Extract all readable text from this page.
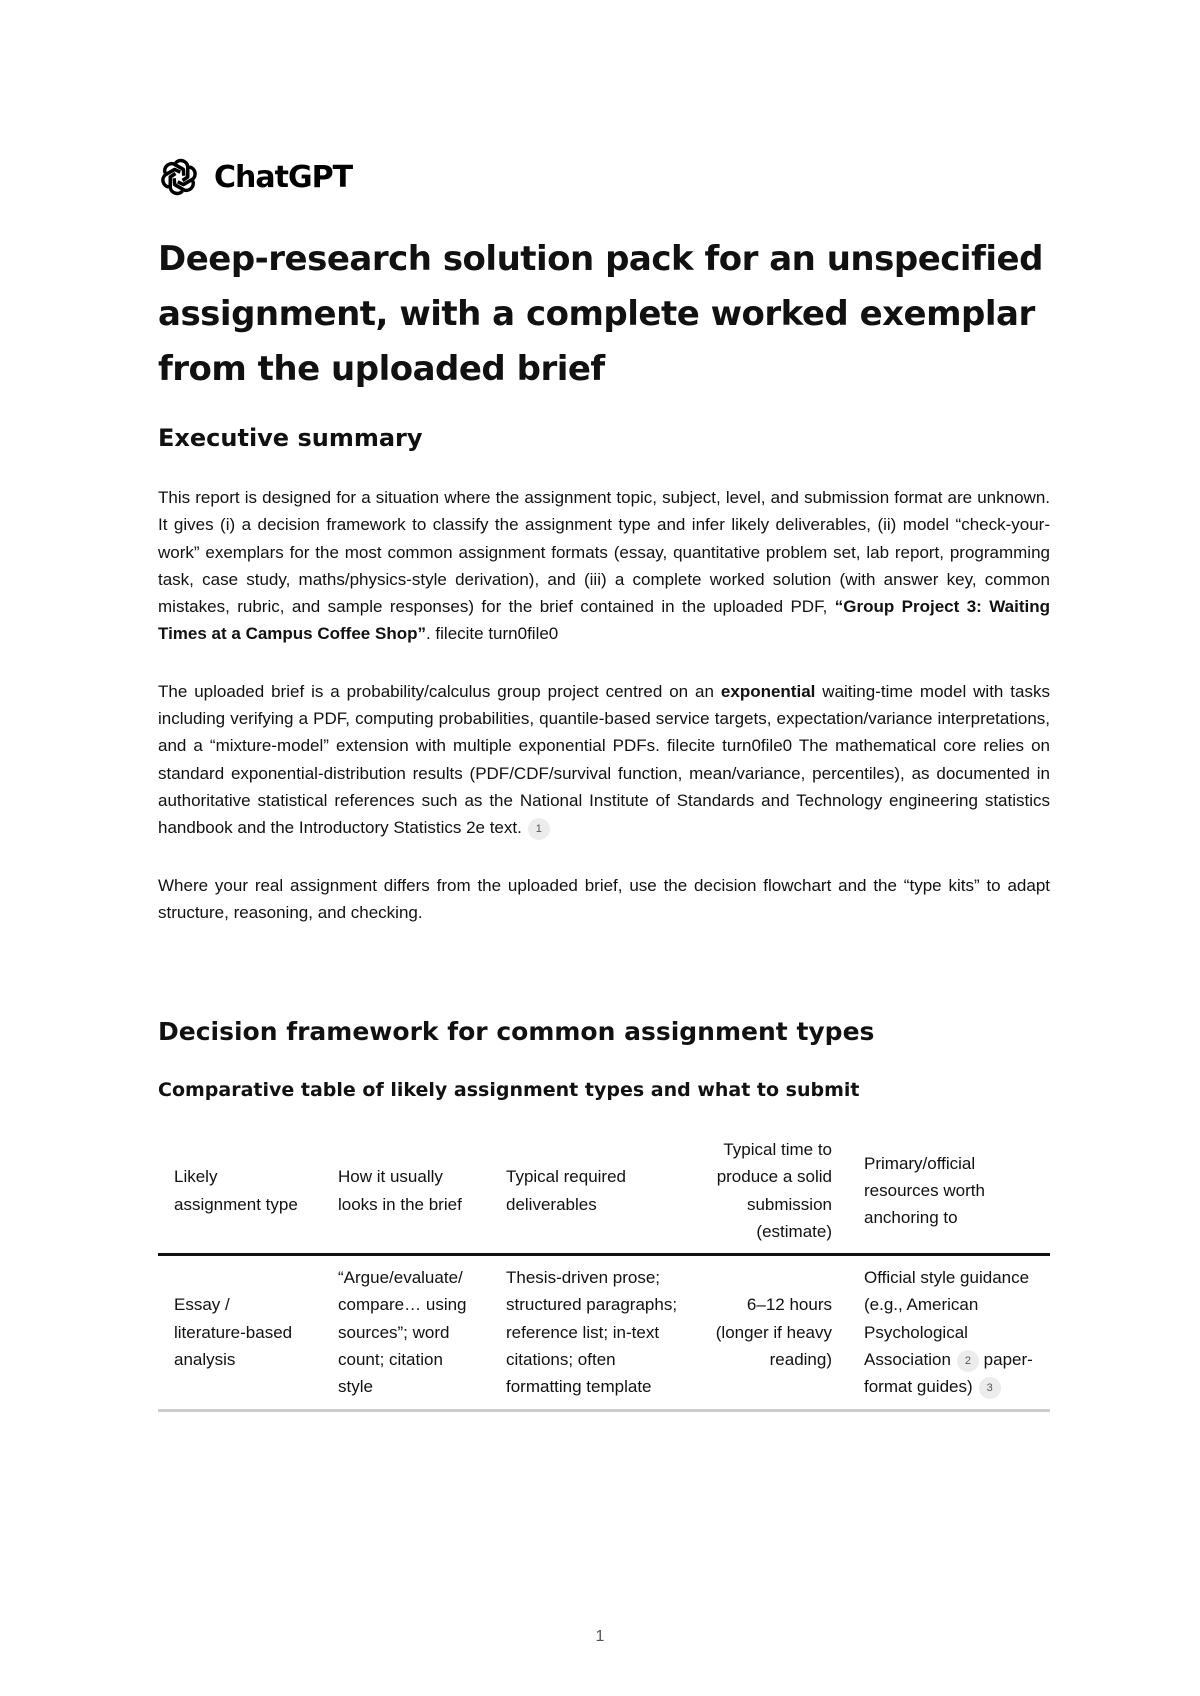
ChatGPT
Deep-research solution pack for an unspecified assignment, with a complete worked exemplar from the uploaded brief
Executive summary

This report is designed for a situation where the assignment topic, subject, level, and submission format are unknown. It gives (i) a decision framework to classify the assignment type and infer likely deliverables, (ii) model “check-your-work” exemplars for the most common assignment formats (essay, quantitative problem set, lab report, programming task, case study, maths/physics-style derivation), and (iii) a complete worked solution (with answer key, common mistakes, rubric, and sample responses) for the brief contained in the uploaded PDF, “Group Project 3: Waiting Times at a Campus Coffee Shop”. filecite turn0file0

The uploaded brief is a probability/calculus group project centred on an exponential waiting-time model with tasks including verifying a PDF, computing probabilities, quantile-based service targets, expectation/variance interpretations, and a “mixture-model” extension with multiple exponential PDFs. filecite turn0file0 The mathematical core relies on standard exponential-distribution results (PDF/CDF/survival function, mean/variance, percentiles), as documented in authoritative statistical references such as the National Institute of Standards and Technology engineering statistics handbook and the Introductory Statistics 2e text. 1

Where your real assignment differs from the uploaded brief, use the decision flowchart and the “type kits” to adapt structure, reasoning, and checking.

Decision framework for common assignment types
Comparative table of likely assignment types and what to submit
Likely assignment type	How it usually looks in the brief	Typical required deliverables	Typical time to produce a solid submission (estimate)	Primary/official resources worth anchoring to
Essay / literature-based analysis	“Argue/evaluate/ compare… using sources”; word count; citation style	Thesis-driven prose; structured paragraphs; reference list; in-text citations; often formatting template	6–12 hours (longer if heavy reading)	Official style guidance (e.g., American Psychological Association 2 paper-format guides) 3
1
